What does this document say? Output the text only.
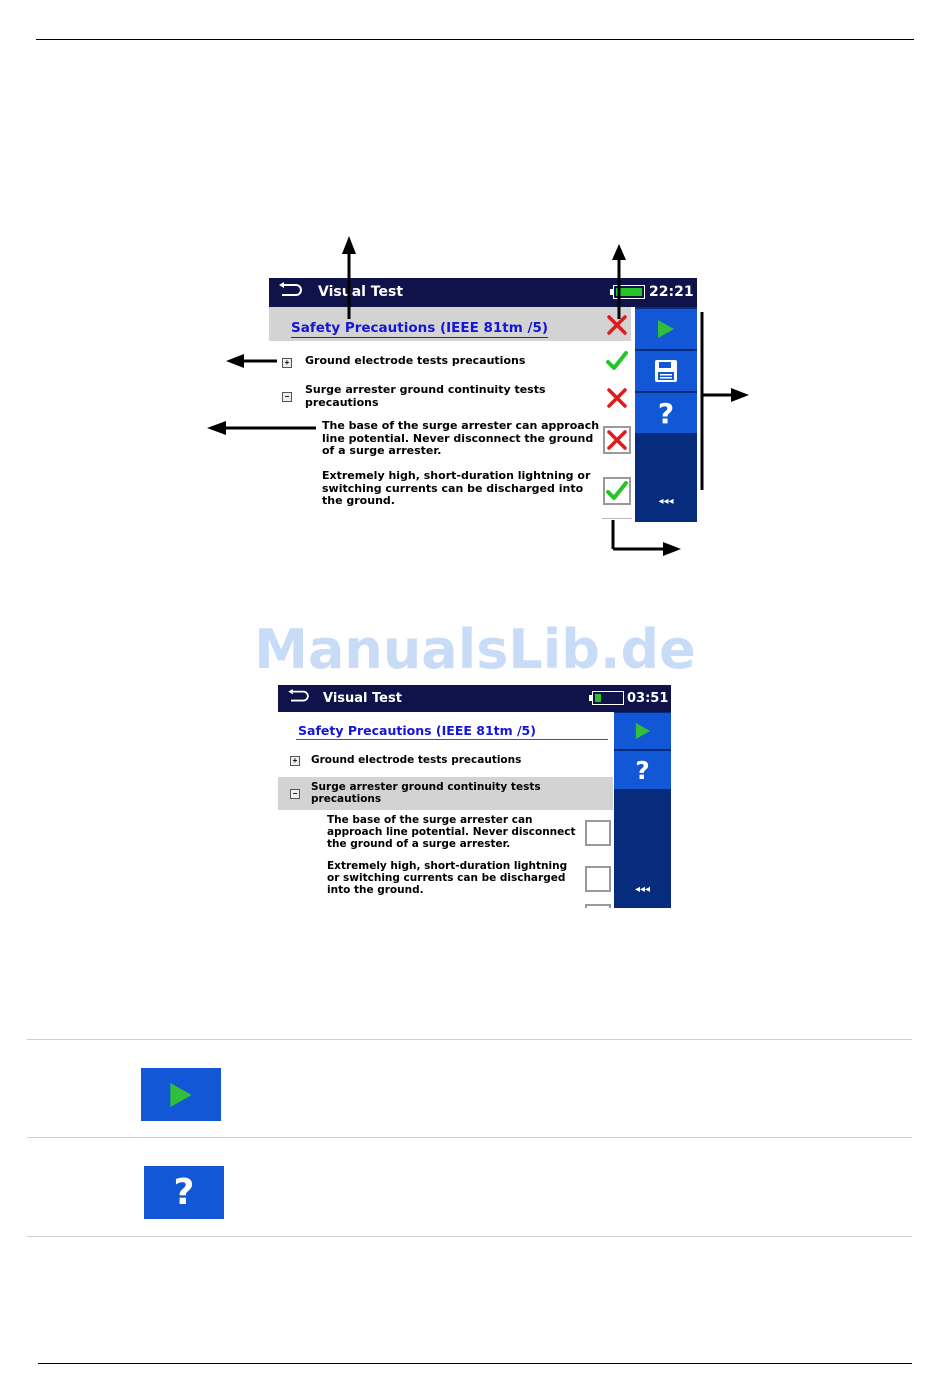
Visual Test	22:21
Safety Precautions (IEEE 81tm /5)
+ Ground electrode tests precautions
−
Surge arrester ground continuity tests precautions
The base of the surge arrester can approach line potential. Never disconnect the ground of a surge arrester.
Extremely high, short-duration lightning or switching currents can be discharged into the ground.
?
◂◂◂
ManualsLib.de
Visual Test	03:51
Safety Precautions (IEEE 81tm /5)
+ Ground electrode tests precautions
−
Surge arrester ground continuity tests precautions
The base of the surge arrester can approach line potential. Never disconnect the ground of a surge arrester.
Extremely high, short-duration lightning or switching currents can be discharged into the ground.
?
◂◂◂
?
